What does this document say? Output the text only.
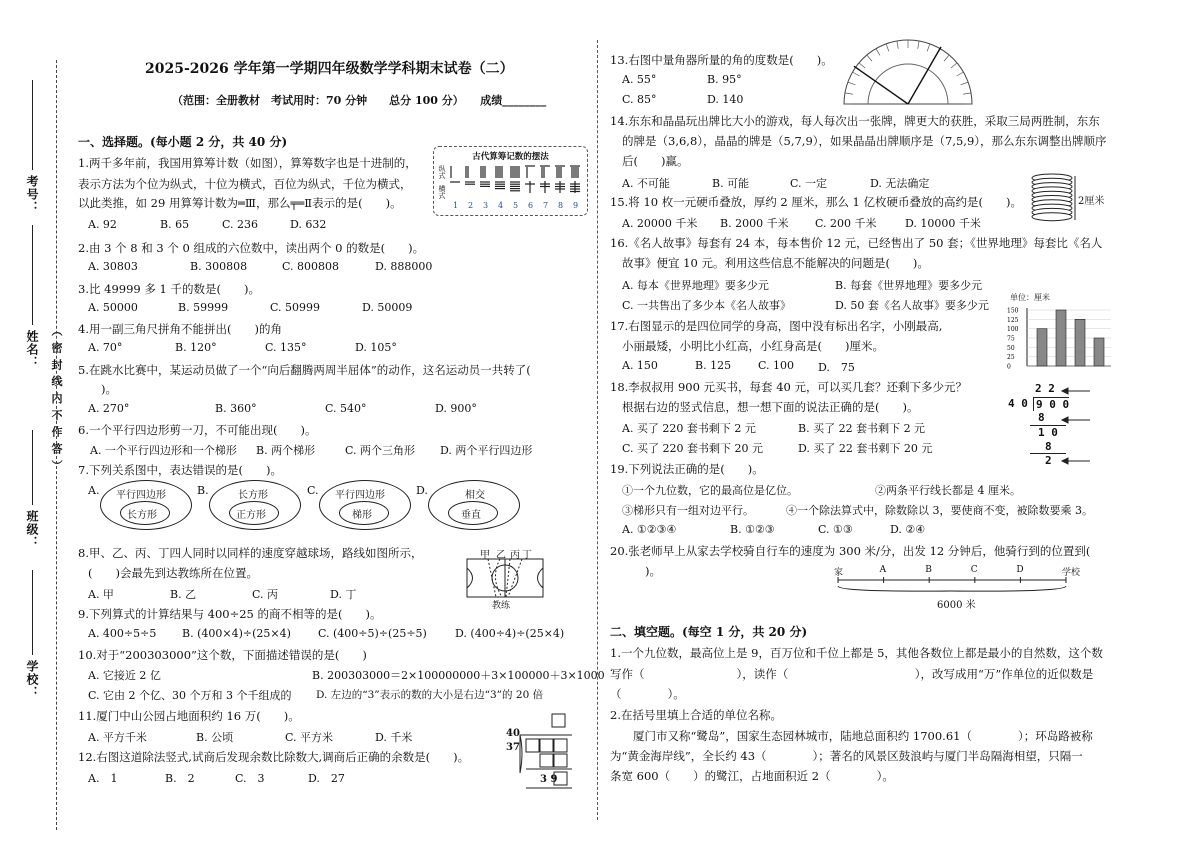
学校：
班级：
姓名：
考号：
（ 密 封 线 内 不 作 答 ）
2025-2026 学年第一学期四年级数学学科期末试卷（二）
（范围：全册教材　考试用时：70 分钟　　总分 100 分）　　成绩________
一、选择题。(每小题 2 分，共 40 分)
1.两千多年前，我国用算筹计数（如图），算筹数字也是十进制的，
表示方法为个位为纵式，十位为横式，百位为纵式，千位为横式，
以此类推，如 29 用算筹计数为═Ⅲ，那么╤═Ⅱ表示的是(　　)。
A. 92	B. 65	C. 236	D. 632
古代算筹记数的摆法
纵式
横式
1 2 3 4 5 6 7 8 9
2.由 3 个 8 和 3 个 0 组成的六位数中，读出两个 0 的数是(　　)。
A. 30803	B. 300808	C. 800808	D. 888000
3.比 49999 多 1 千的数是(　　)。
A. 50000	B. 59999	C. 50999	D. 50009
4.用一副三角尺拼角不能拼出(　　)的角
A. 70°	B. 120°	C. 135°	D. 105°
5.在跳水比赛中，某运动员做了一个“向后翻腾两周半屈体”的动作，这名运动员一共转了(
　　)。
A. 270°	B. 360°	C. 540°	D. 900°
6.一个平行四边形剪一刀，不可能出现(　　)。
A. 一个平行四边形和一个梯形 B. 两个梯形	C. 两个三角形 D. 两个平行四边形
7.下列关系图中，表达错误的是(　　)。
A. 平行四边形
长方形
B.	长方形
正方形
C. 平行四边形
梯形
D.	相交
垂直
8.甲、乙、丙、丁四人同时以同样的速度穿越球场，路线如图所示，
(　　)会最先到达教练所在位置。
A. 甲	B. 乙	C. 丙	D. 丁
甲 乙 丙 丁
教练
9.下列算式的计算结果与 400÷25 的商不相等的是(　　)。
A. 400÷5÷5 B. (400×4)÷(25×4) C. (400÷5)÷(25÷5)	D. (400÷4)÷(25×4)
10.对于“200303000”这个数，下面描述错误的是(　　)
A. 它接近 2 亿	B. 200303000＝2×100000000＋3×100000＋3×1000
C. 它由 2 个亿、30 个万和 3 个千组成的 D. 左边的“3”表示的数的大小是右边“3”的 20 倍
11.厦门中山公园占地面积约 16 万(　　)。
A. 平方千米	B. 公顷	C. 平方米	D. 千米
12.右图这道除法竖式,试商后发现余数比除数大,调商后正确的余数是(　　)。
A.　1	B.　2	C.　3	D.　27
40
37
3 9
13.右图中量角器所量的角的度数是(　　)。
A. 55°	B. 95°
C. 85°	D. 140
14.东东和晶晶玩出牌比大小的游戏，每人每次出一张牌，牌更大的获胜，采取三局两胜制，东东
的牌是（3,6,8），晶晶的牌是（5,7,9），如果晶晶出牌顺序是（7,5,9），那么东东调整出牌顺序
后(　　)赢。
A. 不可能	B. 可能	C. 一定	D. 无法确定
15.将 10 枚一元硬币叠放，厚约 2 厘米，那么 1 亿枚硬币叠放的高约是(　　)。
A. 20000 千米 B. 2000 千米 C. 200 千米	D. 10000 千米
2厘米
16.《名人故事》每套有 24 本，每本售价 12 元，已经售出了 50 套；《世界地理》每套比《名人
故事》便宜 10 元。利用这些信息不能解决的问题是(　　)。
A. 每本《世界地理》要多少元	B. 每套《世界地理》要多少元
C. 一共售出了多少本《名人故事》	D. 50 套《名人故事》要多少元
17.右图显示的是四位同学的身高，图中没有标出名字，小刚最高,
小丽最矮，小明比小红高，小红身高是(　　)厘米。
A. 150	B. 125 C. 100 D.　75
单位：厘米
150
125
100
75
50
25
0
18.李叔叔用 900 元买书，每套 40 元，可以买几套？还剩下多少元？
根据右边的竖式信息，想一想下面的说法正确的是(　　)。
A. 买了 220 套书剩下 2 元	B. 买了 22 套书剩下 2 元
C. 买了 220 套书剩下 20 元	D. 买了 22 套书剩下 20 元
2 2
4 0 9 0 0
8
1 0
8
2
19.下列说法正确的是(　　)。
①一个九位数，它的最高位是亿位。	②两条平行线长都是 4 厘米。
③梯形只有一组对边平行。	④一个除法算式中，除数除以 3，要使商不变，被除数要乘 3。
A. ①②③④	B. ①②③	C. ①③	D. ②④
20.张老师早上从家去学校骑自行车的速度为 300 米/分，出发 12 分钟后，他骑行到的位置到(
　　)。	家	A	B	C	D	学校
6000 米
二、填空题。(每空 1 分，共 20 分)
1.一个九位数，最高位上是 9，百万位和千位上都是 5，其他各数位上都是最小的自然数，这个数
写作（　　　　　　　　），读作（　　　　　　　　　　　），改写成用“万”作单位的近似数是
（　　　　）。
2.在括号里填上合适的单位名称。
　　厦门市又称“鹭岛”，国家生态园林城市，陆地总面积约 1700.61（　　　　）；环岛路被称
为“黄金海岸线”，全长约 43（　　　　）；著名的风景区鼓浪屿与厦门半岛隔海相望，只隔一
条宽 600（　　）的鹭江，占地面积近 2（　　　　）。
